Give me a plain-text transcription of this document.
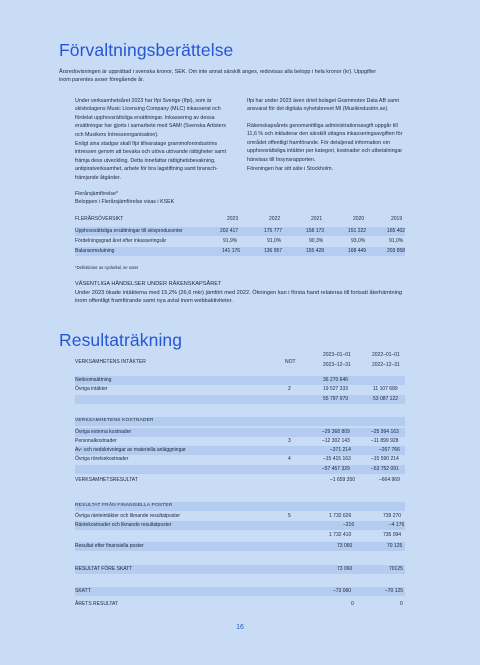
Förvaltningsberättelse
Årsredovisningen är upprättad i svenska kronor, SEK. Om inte annat särskilt anges, redovisas alla belopp i hela kronor (kr). Uppgifter inom parentes avser föregående år.
Under verksamhetsåret 2023 har Ifpi Sverige (Ifpi), som är skivbolagens Music Licensing Company (MLC) inkasserat och fördelat upphovsrättsliga ersättningar. Inkassering av dessa ersättningar har gjorts i samarbete med SAMI (Svenska Artisters och Musikers Intresseorganisation).
Enligt sina stadgar skall Ifpi tillvaratage grammofonindustrins intressen genom att bevaka och utöva utövande rättigheter samt främja dess utveckling. Detta innefattar rättighetsbevakning, antipiratverksamhet, arbete för bra lagstiftning samt bransch-främjande åtgärder.
Ifpi har under 2023 även drivit bolaget Grammotex Data AB samt ansvarat för det digitala nyhetsbrevet MI (Musikindustrin.se).
Räkenskapsårets genomsnittliga administrationsavgift uppgår till 11,6 % och inkluderar den särskilt uttagna inkasseringsavgiften för området offentligt framförande. För detaljerad information om upphovsrättsliga intäkter per kategori, kostnader och utbetalningar hänvisas till Insynsrapporten.
Föreningen har sitt säte i Stockholm.
Flerårsjämförelse*
Beloppen i Flerårsjämförelse visas i KSEK
FLERÅRSÖVERSIKT	2023	2022	2021	2020	2019
Upphovsrättsliga ersättningar till skivproducenter	202 417	175 777	158 173	151 222	165 402
Fördelningsgrad året efter inkasseringsår	91,9%	91,0%	90,3%	93,0%	91,0%
Balansomslutning	141 176	136 957	155 428	168 449	203 858
*Definitioner av nyckeltal, se noter
VÄSENTLIGA HÄNDELSER UNDER RÄKENSKAPSÅRET
Under 2023 ökade intäkterna med 15,2% (26,6 mkr) jämfört med 2022. Ökningen kan i första hand relateras till fortsatt återhämtning inom offentligt framförande samt nya avtal inom webbaktiviteter.
Resultaträkning
VERKSAMHETENS INTÄKTER	NOT
2023–01–01	2022–01–01
2023–12–31	2022–12–31
Nettoomsättning	36 270 646
Övriga intäkter	2	19 527 333	11 107 689
55 797 979	53 087 122
VERKSAMHETENS KOSTNADER
Övriga externa kostnader	–29 368 809	–25 994 163
Personalkostnader	3	–12 302 143	–11 899 928
Av- och nedskrivningar av materiella anläggningar	–371 214	–267 766
Övriga rörelsekostnader	4	–15 415 163	–15 590 214
–57 457 329	–53 752 091
VERKSAMHETSRESULTAT	–1 659 350	–664 969
RESULTAT FRÅN FINANSIELLA POSTER
Övriga ränteintäkter och liknande resultatposter	5	1 732 626	739 270
Räntekostnader och liknande resultatposter	–216	–4 176
1 732 410	735 094
Resultat efter finansiella poster	73 060	70 125
RESULTAT FÖRE SKATT	73 060	70125
SKATT	–73 060	–70 125
ÅRETS RESULTAT	0	0
16
